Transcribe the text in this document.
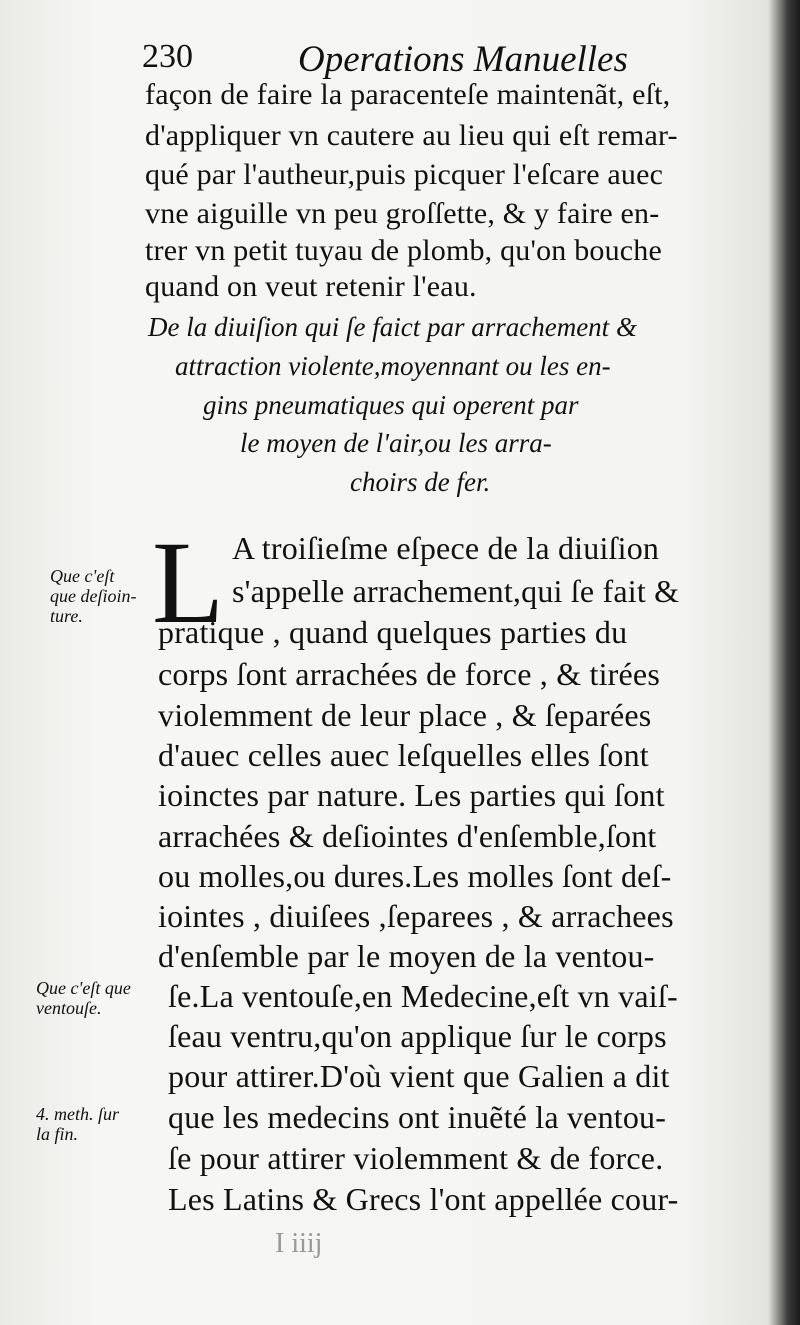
230	Operations Manuelles
façon de faire la paracenteſe maintenãt, eſt,
d'appliquer vn cautere au lieu qui eſt remar-
qué par l'autheur,puis picquer l'eſcare auec
vne aiguille vn peu groſſette, & y faire en-
trer vn petit tuyau de plomb, qu'on bouche
quand on veut retenir l'eau.
De la diuiſion qui ſe faict par arrachement &
attraction violente,moyennant ou les en-
gins pneumatiques qui operent par
le moyen de l'air,ou les arra-
choirs de fer.
L A troiſieſme eſpece de la diuiſion
s'appelle arrachement,qui ſe fait &
pratique , quand quelques parties du
corps ſont arrachées de force , & tirées
violemment de leur place , & ſeparées
d'auec celles auec leſquelles elles ſont
ioinctes par nature. Les parties qui ſont
arrachées & deſiointes d'enſemble,ſont
ou molles,ou dures.Les molles ſont deſ-
iointes , diuiſees ,ſeparees , & arrachees
d'enſemble par le moyen de la ventou-
ſe.La ventouſe,en Medecine,eſt vn vaiſ-
ſeau ventru,qu'on applique ſur le corps
pour attirer.D'où vient que Galien a dit
que les medecins ont inuẽté la ventou-
ſe pour attirer violemment & de force.
Les Latins & Grecs l'ont appellée cour-
Que c'eſt
que deſioin-
ture.
Que c'eſt que
ventouſe.
4. meth. ſur
la fin.
I iiij
